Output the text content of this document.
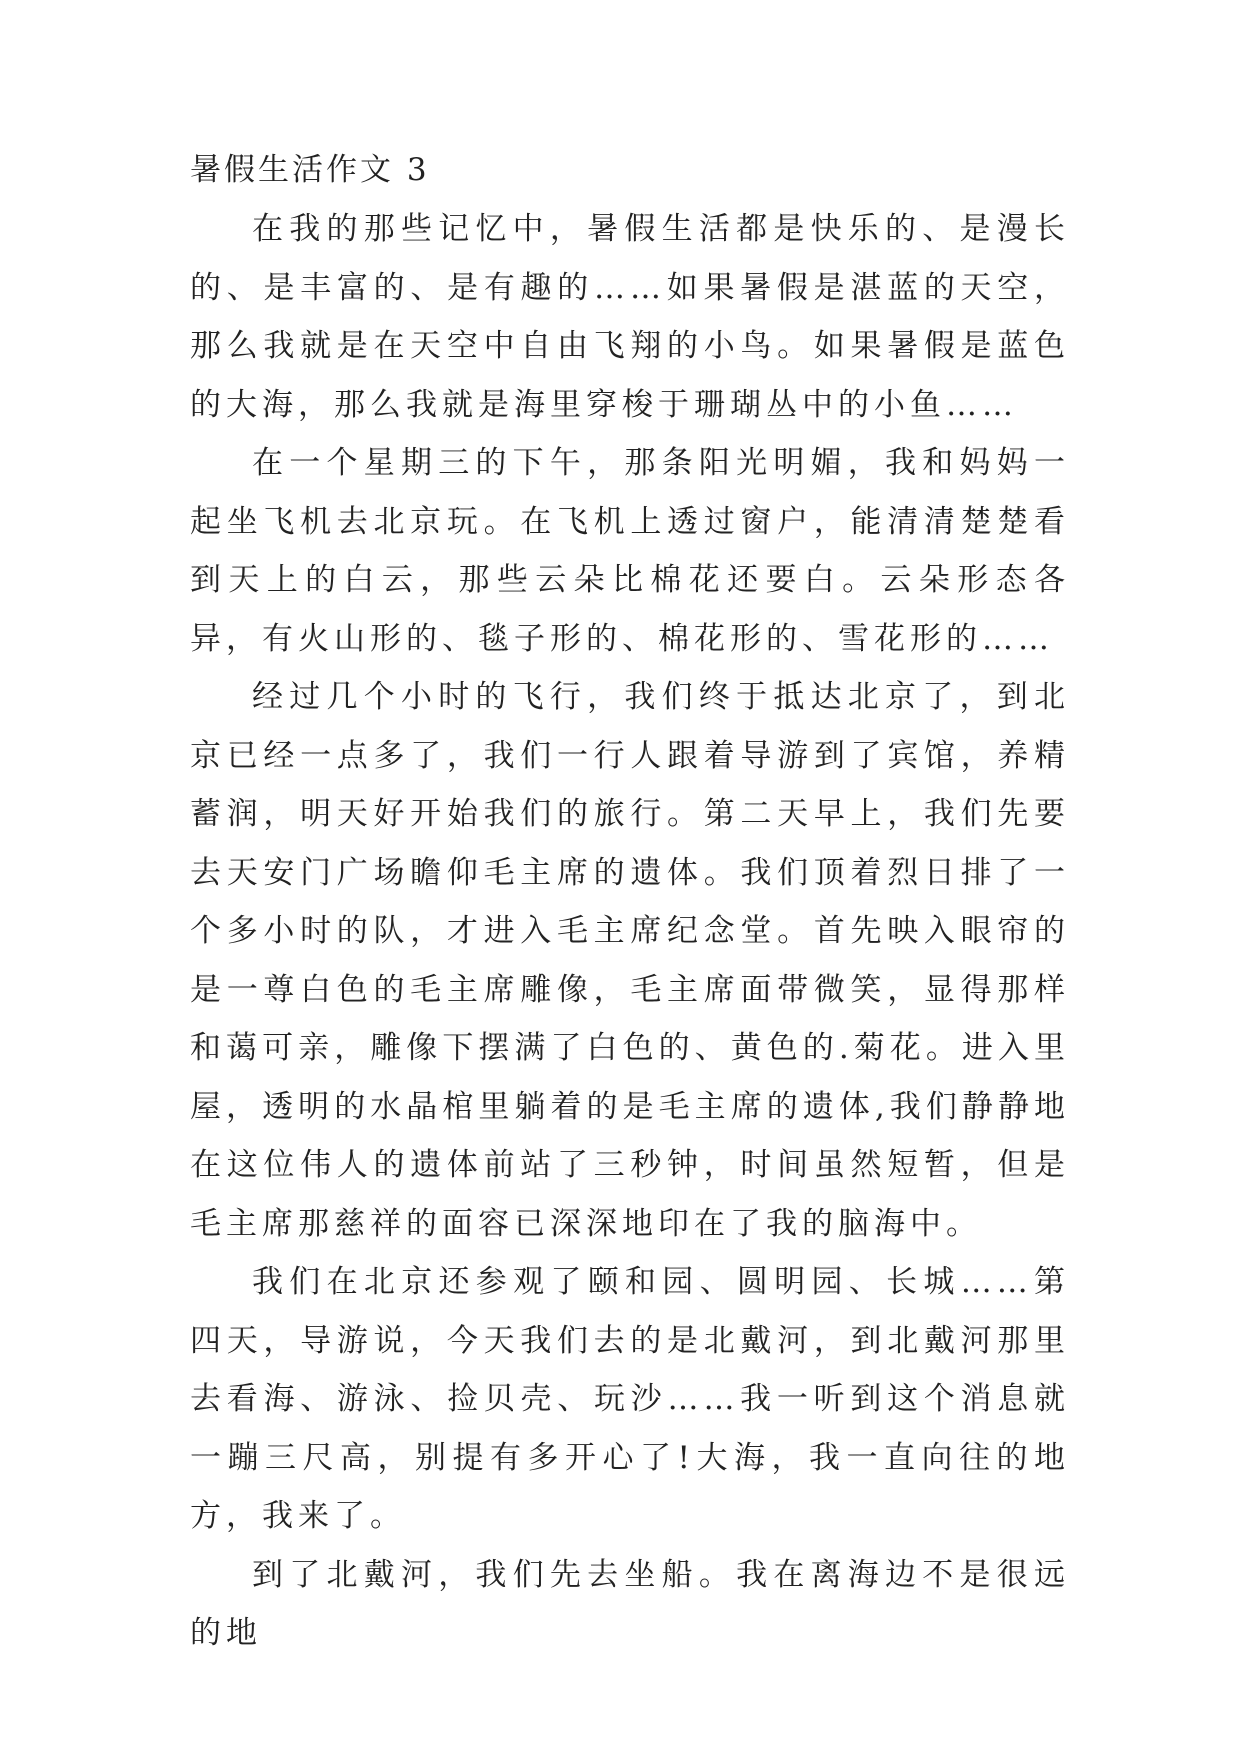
暑假生活作文 3

在我的那些记忆中，暑假生活都是快乐的、是漫长的、是丰富的、是有趣的……如果暑假是湛蓝的天空，那么我就是在天空中自由飞翔的小鸟。如果暑假是蓝色的大海，那么我就是海里穿梭于珊瑚丛中的小鱼……

在一个星期三的下午，那条阳光明媚，我和妈妈一起坐飞机去北京玩。在飞机上透过窗户，能清清楚楚看到天上的白云，那些云朵比棉花还要白。云朵形态各异，有火山形的、毯子形的、棉花形的、雪花形的……

经过几个小时的飞行，我们终于抵达北京了，到北京已经一点多了，我们一行人跟着导游到了宾馆，养精蓄润，明天好开始我们的旅行。第二天早上，我们先要去天安门广场瞻仰毛主席的遗体。我们顶着烈日排了一个多小时的队，才进入毛主席纪念堂。首先映入眼帘的是一尊白色的毛主席雕像，毛主席面带微笑，显得那样和蔼可亲，雕像下摆满了白色的、黄色的.菊花。进入里屋，透明的水晶棺里躺着的是毛主席的遗体,我们静静地在这位伟人的遗体前站了三秒钟，时间虽然短暂，但是毛主席那慈祥的面容已深深地印在了我的脑海中。

我们在北京还参观了颐和园、圆明园、长城……第四天，导游说，今天我们去的是北戴河，到北戴河那里去看海、游泳、捡贝壳、玩沙……我一听到这个消息就一蹦三尺高，别提有多开心了!大海，我一直向往的地方，我来了。

到了北戴河，我们先去坐船。我在离海边不是很远的地
